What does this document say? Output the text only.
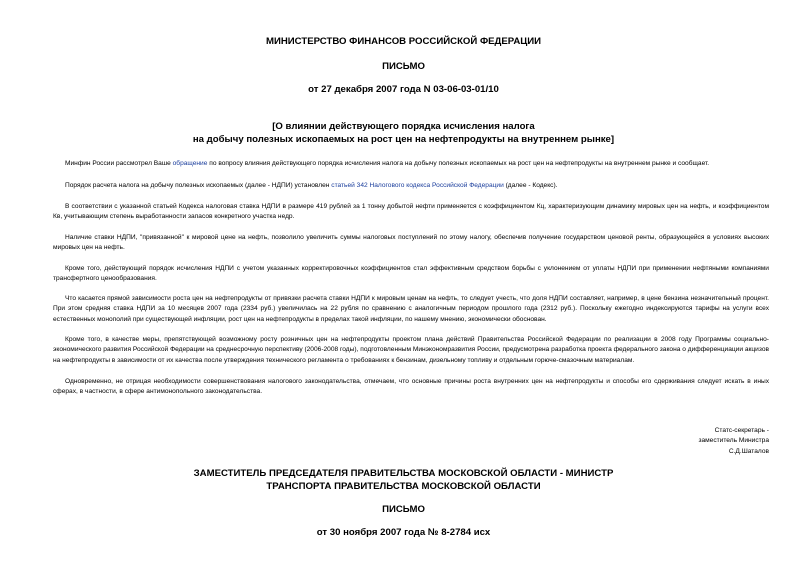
МИНИСТЕРСТВО ФИНАНСОВ РОССИЙСКОЙ ФЕДЕРАЦИИ
ПИСЬМО
от 27 декабря 2007 года N 03-06-03-01/10
[О влиянии действующего порядка исчисления налога
на добычу полезных ископаемых на рост цен на нефтепродукты на внутреннем рынке]
Минфин России рассмотрел Ваше обращение по вопросу влияния действующего порядка исчисления налога на добычу полезных ископаемых на рост цен на нефтепродукты на внутреннем рынке и сообщает.
Порядок расчета налога на добычу полезных ископаемых (далее - НДПИ) установлен статьей 342 Налогового кодекса Российской Федерации (далее - Кодекс).
В соответствии с указанной статьей Кодекса налоговая ставка НДПИ в размере 419 рублей за 1 тонну добытой нефти применяется с коэффициентом Кц, характеризующим динамику мировых цен на нефть, и коэффициентом Кв, учитывающим степень выработанности запасов конкретного участка недр.
Наличие ставки НДПИ, "привязанной" к мировой цене на нефть, позволило увеличить суммы налоговых поступлений по этому налогу, обеспечив получение государством ценовой ренты, образующейся в условиях высоких мировых цен на нефть.
Кроме того, действующий порядок исчисления НДПИ с учетом указанных корректировочных коэффициентов стал эффективным средством борьбы с уклонением от уплаты НДПИ при применении нефтяными компаниями трансфертного ценообразования.
Что касается прямой зависимости роста цен на нефтепродукты от привязки расчета ставки НДПИ к мировым ценам на нефть, то следует учесть, что доля НДПИ составляет, например, в цене бензина незначительный процент. При этом средняя ставка НДПИ за 10 месяцев 2007 года (2334 руб.) увеличилась на 22 рубля по сравнению с аналогичным периодом прошлого года (2312 руб.). Поскольку ежегодно индексируются тарифы на услуги всех естественных монополий при существующей инфляции, рост цен на нефтепродукты в пределах такой инфляции, по нашему мнению, экономически обоснован.
Кроме того, в качестве меры, препятствующей возможному росту розничных цен на нефтепродукты проектом плана действий Правительства Российской Федерации по реализации в 2008 году Программы социально-экономического развития Российской Федерации на среднесрочную перспективу (2006-2008 годы), подготовленным Минэкономразвития России, предусмотрена разработка проекта федерального закона о дифференциации акцизов на нефтепродукты в зависимости от их качества после утверждения технического регламента о требованиях к бензинам, дизельному топливу и отдельным горюче-смазочным материалам.
Одновременно, не отрицая необходимости совершенствования налогового законодательства, отмечаем, что основные причины роста внутренних цен на нефтепродукты и способы его сдерживания следует искать в иных сферах, в частности, в сфере антимонопольного законодательства.
Статс-секретарь -
заместитель Министра
С.Д.Шаталов
ЗАМЕСТИТЕЛЬ ПРЕДСЕДАТЕЛЯ ПРАВИТЕЛЬСТВА МОСКОВСКОЙ ОБЛАСТИ - МИНИСТР
ТРАНСПОРТА ПРАВИТЕЛЬСТВА МОСКОВСКОЙ ОБЛАСТИ
ПИСЬМО
от 30 ноября 2007 года № 8-2784 исх
